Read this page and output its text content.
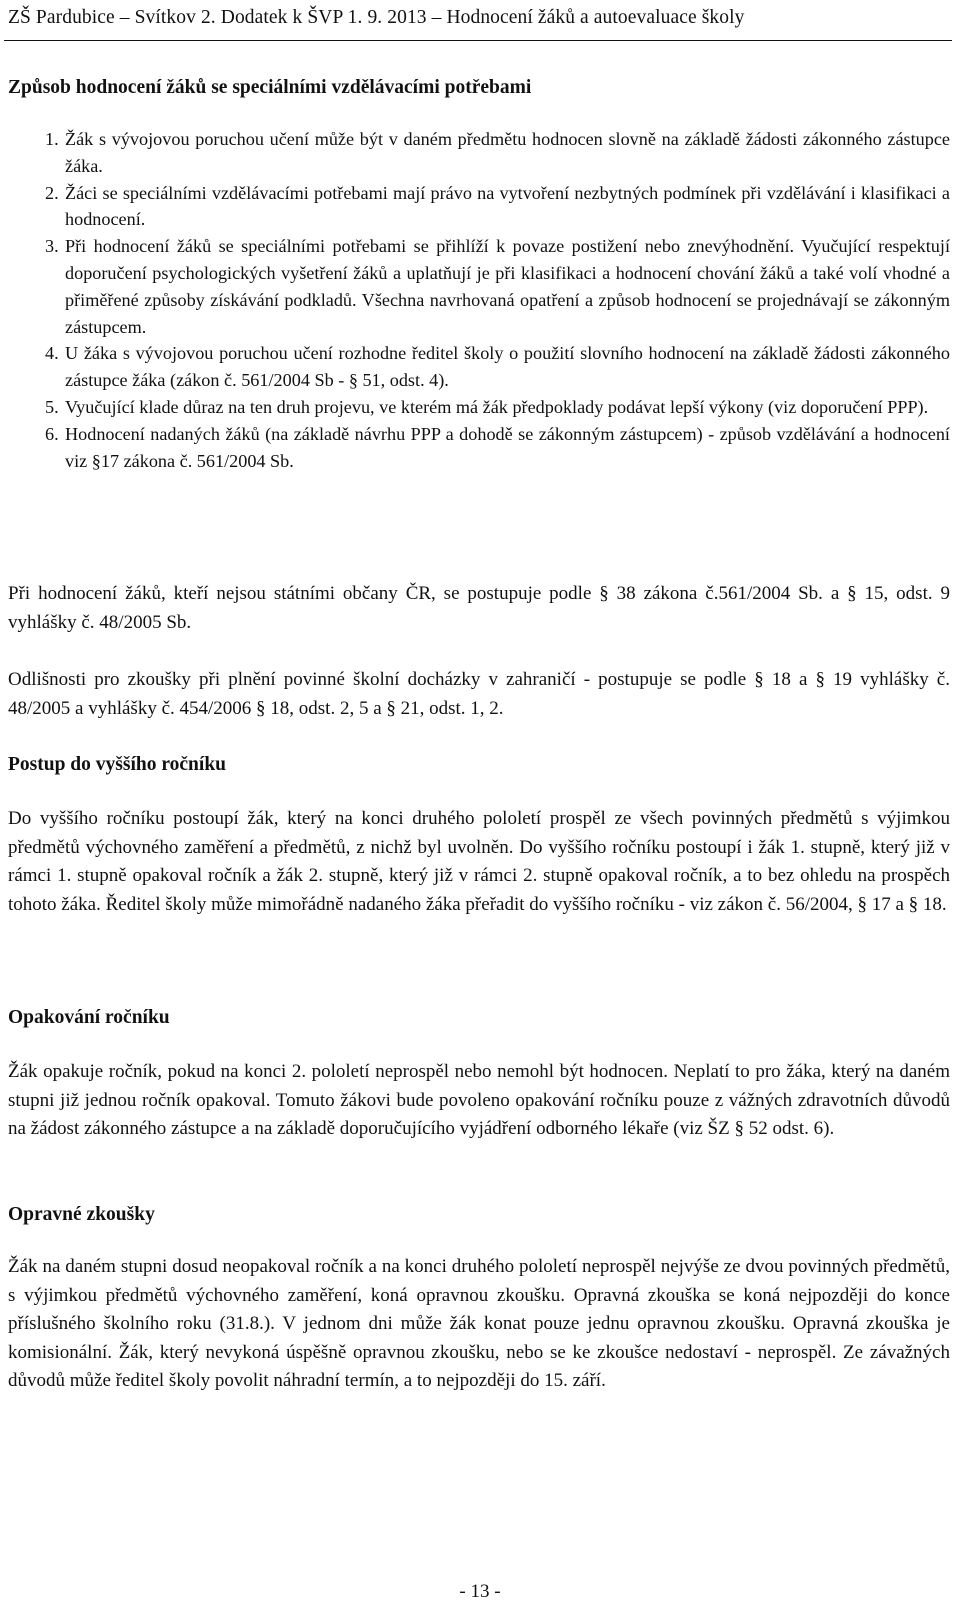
ZŠ Pardubice – Svítkov 2. Dodatek k ŠVP 1. 9. 2013 – Hodnocení žáků a autoevaluace školy
Způsob hodnocení žáků se speciálními vzdělávacími potřebami
1. Žák s vývojovou poruchou učení může být v daném předmětu hodnocen slovně na základě žádosti zákonného zástupce žáka.
2. Žáci se speciálními vzdělávacími potřebami mají právo na vytvoření nezbytných podmínek při vzdělávání i klasifikaci a hodnocení.
3. Při hodnocení žáků se speciálními potřebami se přihlíží k povaze postižení nebo znevýhodnění. Vyučující respektují doporučení psychologických vyšetření žáků a uplatňují je při klasifikaci a hodnocení chování žáků a také volí vhodné a přiměřené způsoby získávání podkladů. Všechna navrhovaná opatření a způsob hodnocení se projednávají se zákonným zástupcem.
4. U žáka s vývojovou poruchou učení rozhodne ředitel školy o použití slovního hodnocení na základě žádosti zákonného zástupce žáka (zákon č. 561/2004 Sb - § 51, odst. 4).
5. Vyučující klade důraz na ten druh projevu, ve kterém má žák předpoklady podávat lepší výkony (viz doporučení PPP).
6. Hodnocení nadaných žáků (na základě návrhu PPP a dohodě se zákonným zástupcem) - způsob vzdělávání a hodnocení viz §17 zákona č. 561/2004 Sb.
Při hodnocení žáků, kteří nejsou státními občany ČR, se postupuje podle § 38 zákona č.561/2004 Sb. a § 15, odst. 9 vyhlášky č. 48/2005 Sb.
Odlišnosti pro zkoušky při plnění povinné školní docházky v zahraničí - postupuje se podle § 18 a § 19 vyhlášky č. 48/2005 a vyhlášky č. 454/2006 § 18, odst. 2, 5 a § 21, odst. 1, 2.
Postup do vyššího ročníku
Do vyššího ročníku postoupí žák, který na konci druhého pololetí prospěl ze všech povinných předmětů s výjimkou předmětů výchovného zaměření a předmětů, z nichž byl uvolněn. Do vyššího ročníku postoupí i žák 1. stupně, který již v rámci 1. stupně opakoval ročník a žák 2. stupně, který již v rámci 2. stupně opakoval ročník, a to bez ohledu na prospěch tohoto žáka. Ředitel školy může mimořádně nadaného žáka přeřadit do vyššího ročníku - viz zákon č. 56/2004, § 17 a § 18.
Opakování ročníku
Žák opakuje ročník, pokud na konci 2. pololetí neprospěl nebo nemohl být hodnocen. Neplatí to pro žáka, který na daném stupni již jednou ročník opakoval. Tomuto žákovi bude povoleno opakování ročníku pouze z vážných zdravotních důvodů na žádost zákonného zástupce a na základě doporučujícího vyjádření odborného lékaře (viz ŠZ § 52 odst. 6).
Opravné zkoušky
Žák na daném stupni dosud neopakoval ročník a na konci druhého pololetí neprospěl nejvýše ze dvou povinných předmětů, s výjimkou předmětů výchovného zaměření, koná opravnou zkoušku. Opravná zkouška se koná nejpozději do konce příslušného školního roku (31.8.). V jednom dni může žák konat pouze jednu opravnou zkoušku. Opravná zkouška je komisionální. Žák, který nevykoná úspěšně opravnou zkoušku, nebo se ke zkoušce nedostaví - neprospěl. Ze závažných důvodů může ředitel školy povolit náhradní termín, a to nejpozději do 15. září.
- 13 -
